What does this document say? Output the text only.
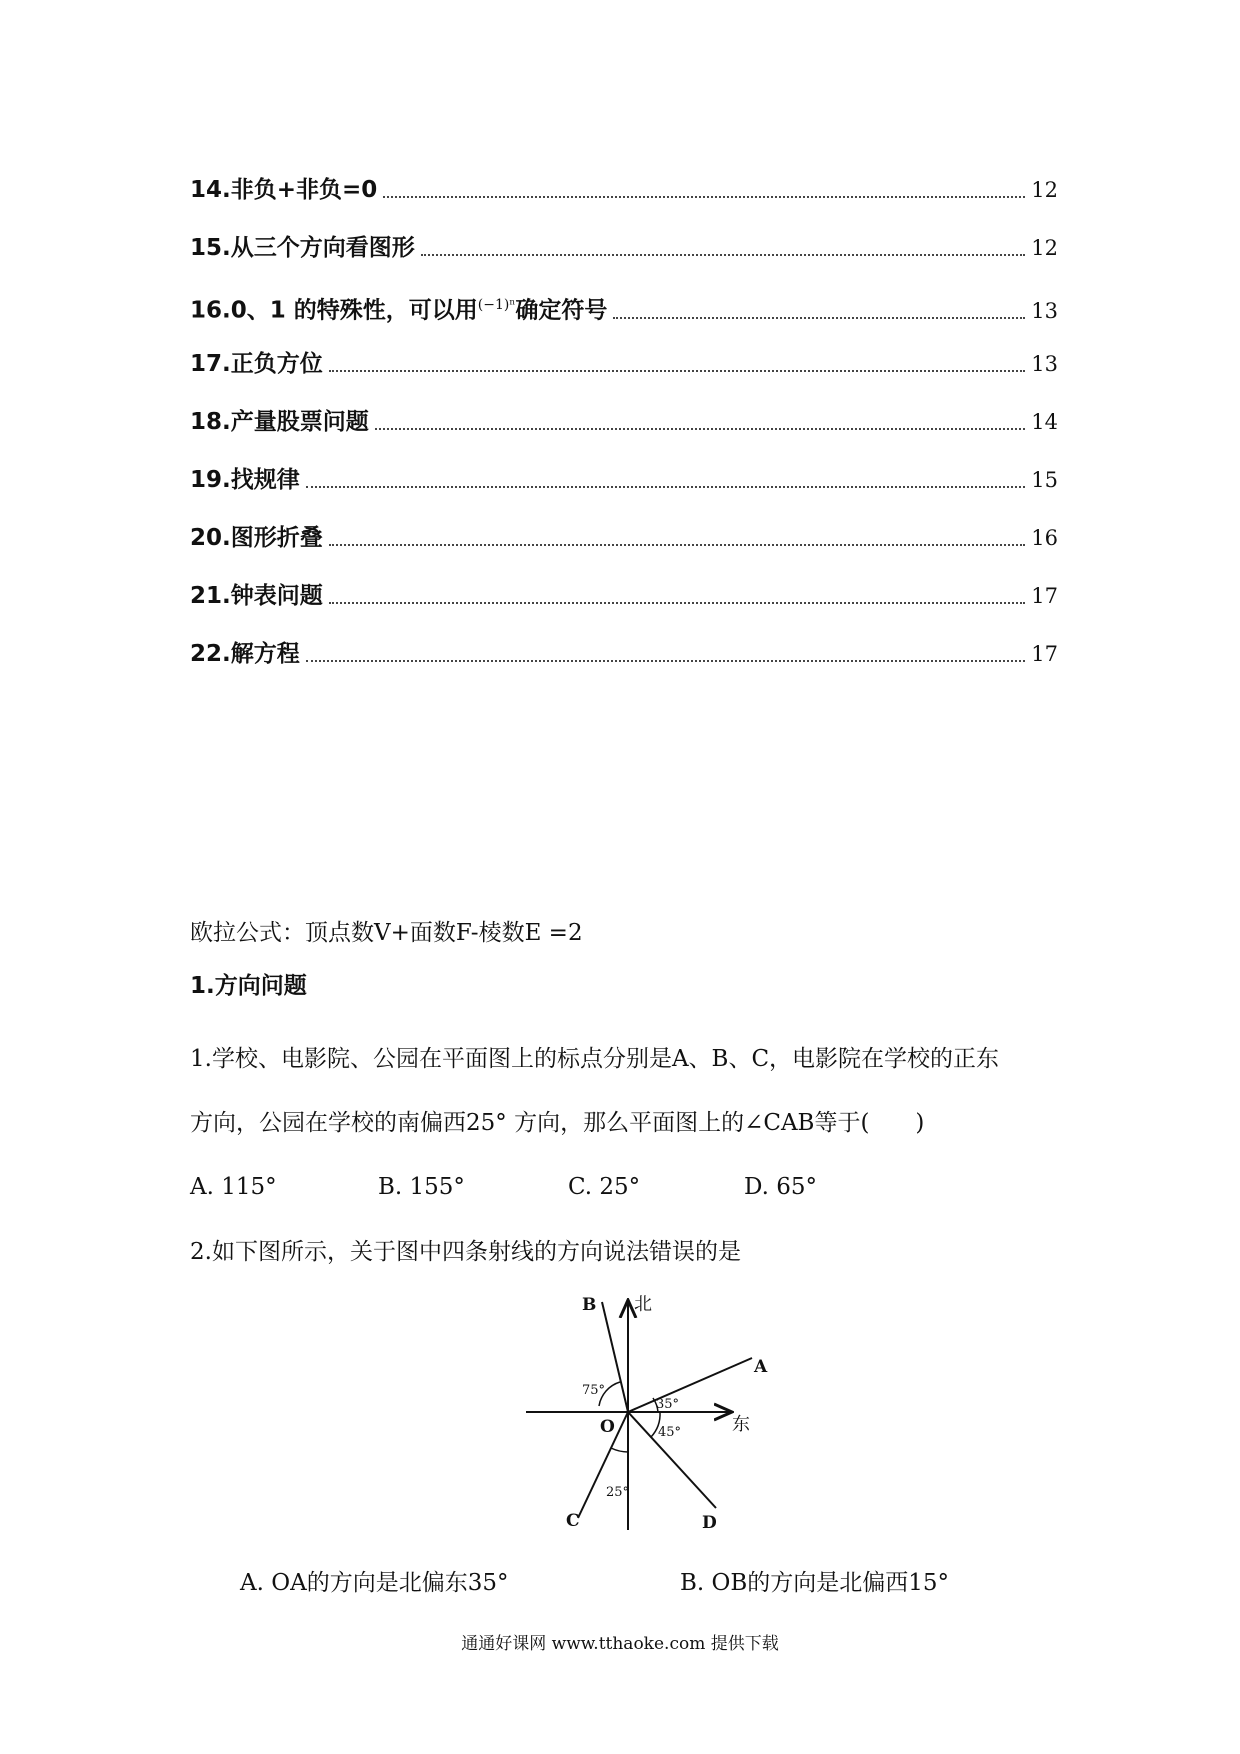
14.非负+非负=0	12
15.从三个方向看图形	12
16.0、1 的特殊性，可以用$^{(-1)^n}$确定符号	13
17.正负方位	13
18.产量股票问题	14
19.找规律	15
20.图形折叠	16
21.钟表问题	17
22.解方程	17
欧拉公式：顶点数V+面数F-棱数E =2
1.方向问题
1.学校、电影院、公园在平面图上的标点分别是A、B、C，电影院在学校的正东
方向，公园在学校的南偏西25° 方向，那么平面图上的∠CAB等于(　　)
A. 115°	B. 155°	C. 25°	D. 65°
2.如下图所示，关于图中四条射线的方向说法错误的是
北
东
O
A
B
C	D
75°
35°
45°
25°
A. OA的方向是北偏东35°	B. OB的方向是北偏西15°
通通好课网 www.tthaoke.com 提供下载
